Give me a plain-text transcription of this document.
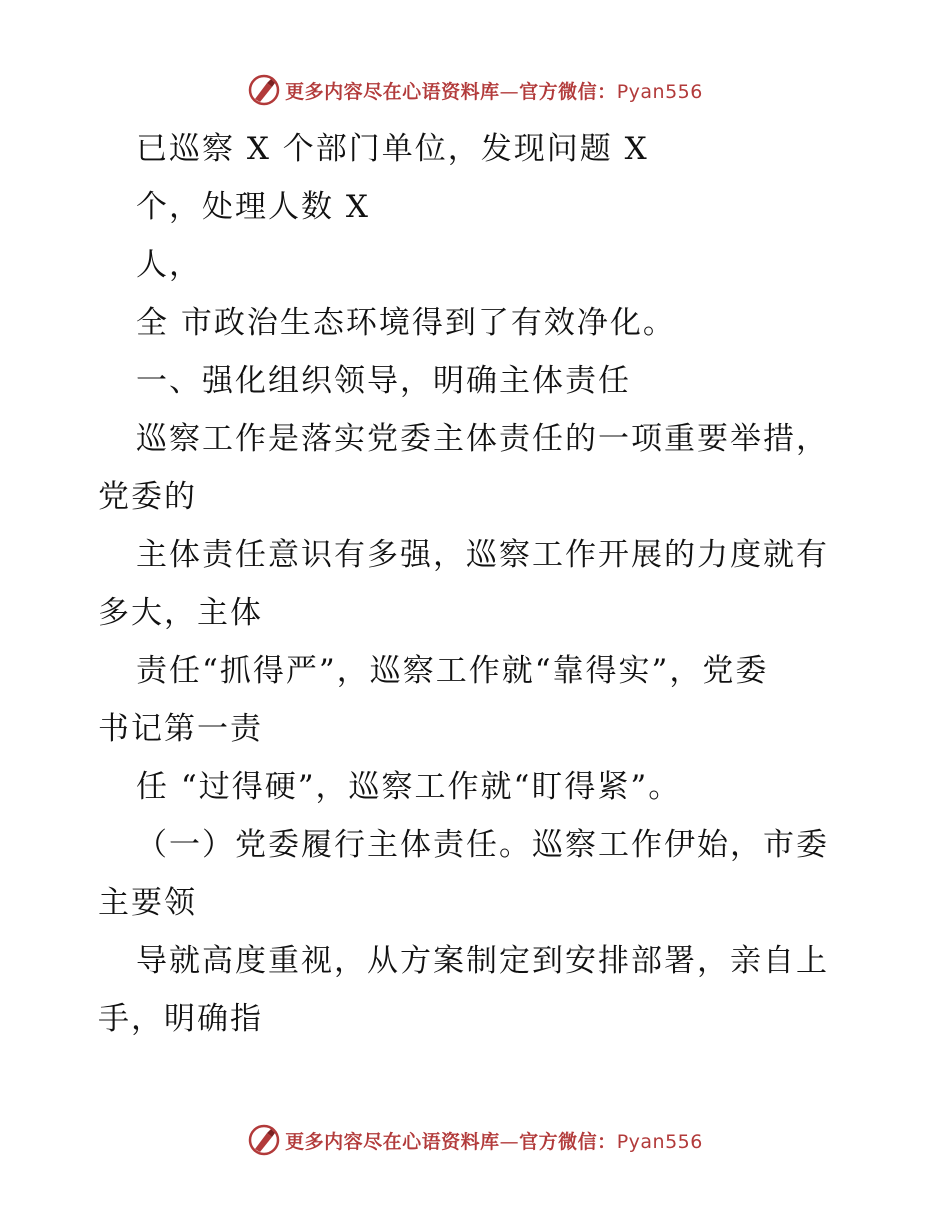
更多内容尽在心语资料库—官方微信：Pyan556
已巡察 X 个部门单位，发现问题 X
个，处理人数 X
人，
全 市政治生态环境得到了有效净化。
一、强化组织领导，明确主体责任
巡察工作是落实党委主体责任的一项重要举措，
党委的
主体责任意识有多强，巡察工作开展的力度就有
多大，主体
责任“抓得严”，巡察工作就“靠得实”，党委
书记第一责
任 “过得硬”，巡察工作就“盯得紧”。
（一）党委履行主体责任。巡察工作伊始，市委
主要领
导就高度重视，从方案制定到安排部署，亲自上
手，明确指
更多内容尽在心语资料库—官方微信：Pyan556
